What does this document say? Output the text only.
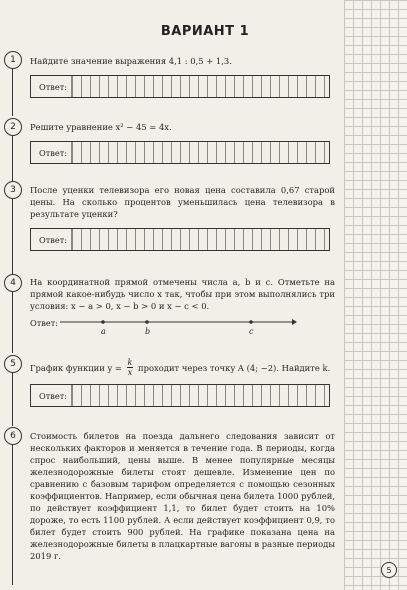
ВАРИАНТ 1
1	Найдите значение выражения 4,1 : 0,5 + 1,3.
Ответ:
2	Решите уравнение x² − 45 = 4x.
Ответ:
3	После уценки телевизора его новая цена составила 0,67 старой цены. На сколько процентов уменьшилась цена телевизора в результате уценки?
Ответ:
4	На координатной прямой отмечены числа a, b и c. Отметьте на прямой какое-нибудь число x так, чтобы при этом выполнялись три условия: x − a > 0, x − b > 0 и x − c < 0.
Ответ:
a	b	c
5	График функции $y = \frac{k}{x}$ проходит через точку A (4; −2). Найдите k.
Ответ:
6	Стоимость билетов на поезда дальнего следования зависит от нескольких факторов и меняется в течение года. В периоды, когда спрос наибольший, цены выше. В менее популярные месяцы железнодорожные билеты стоят дешевле. Изменение цен по сравнению с базовым тарифом определяется с помощью сезонных коэффициентов. Например, если обычная цена билета 1000 рублей, по действует коэффициент 1,1, то билет будет стоить на 10% дороже, то есть 1100 рублей. А если действует коэффициент 0,9, то билет будет стоить 900 рублей. На графике показана цена на железнодорожные билеты в плацкартные вагоны в разные периоды 2019 г.
5
